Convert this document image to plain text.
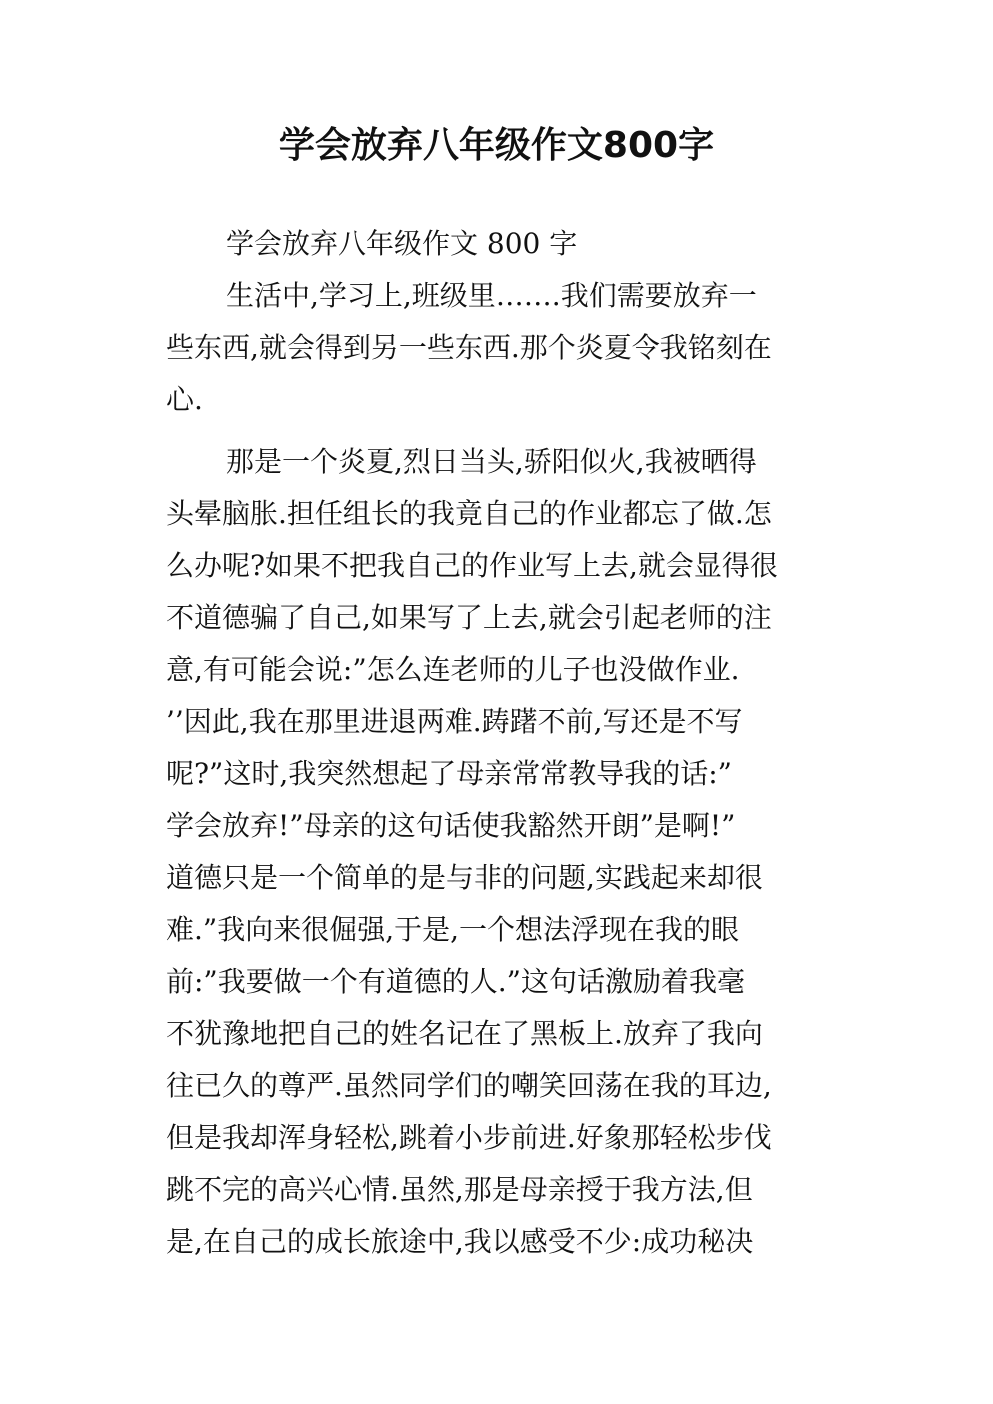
学会放弃八年级作文800字

学会放弃八年级作文 800 字

生活中,学习上,班级里…….我们需要放弃一

些东西,就会得到另一些东西.那个炎夏令我铭刻在

心.

那是一个炎夏,烈日当头,骄阳似火,我被晒得

头晕脑胀.担任组长的我竟自己的作业都忘了做.怎

么办呢?如果不把我自己的作业写上去,就会显得很

不道德骗了自己,如果写了上去,就会引起老师的注

意,有可能会说:”怎么连老师的儿子也没做作业.

’’因此,我在那里进退两难.踌躇不前,写还是不写

呢?”这时,我突然想起了母亲常常教导我的话:”

学会放弃!”母亲的这句话使我豁然开朗”是啊!”

道德只是一个简单的是与非的问题,实践起来却很

难.”我向来很倔强,于是,一个想法浮现在我的眼

前:”我要做一个有道德的人.”这句话激励着我毫

不犹豫地把自己的姓名记在了黑板上.放弃了我向

往已久的尊严.虽然同学们的嘲笑回荡在我的耳边,

但是我却浑身轻松,跳着小步前进.好象那轻松步伐

跳不完的高兴心情.虽然,那是母亲授于我方法,但

是,在自己的成长旅途中,我以感受不少:成功秘决
